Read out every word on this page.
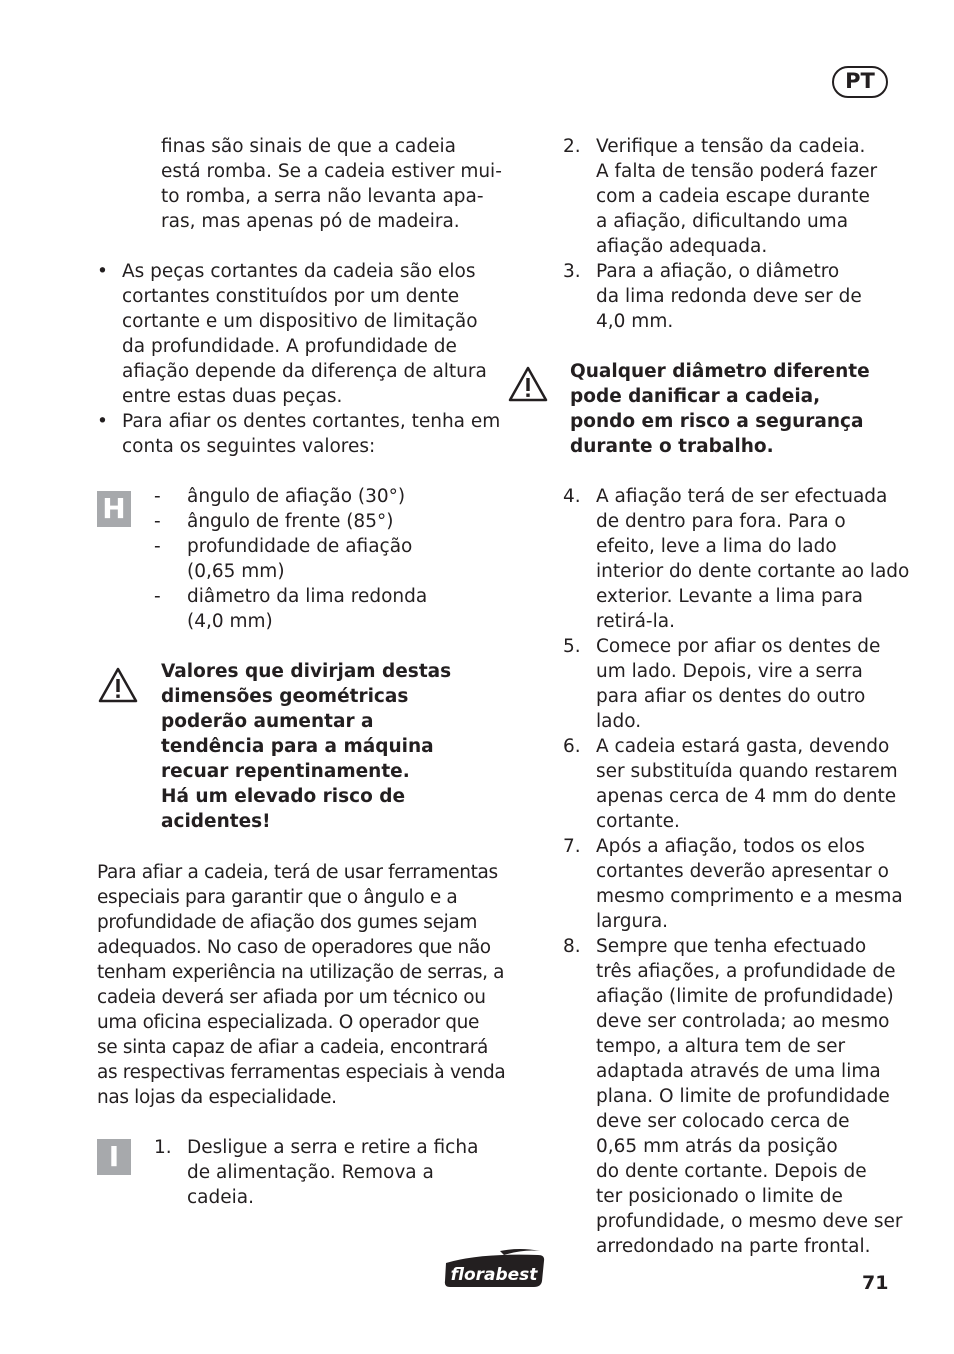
PT

finas são sinais de que a cadeia

está romba. Se a cadeia estiver mui-

to romba, a serra não levanta apa-

ras, mas apenas pó de madeira.

• As peças cortantes da cadeia são elos

cortantes constituídos por um dente

cortante e um dispositivo de limitação

da profundidade. A profundidade de

afiação depende da diferença de altura

entre estas duas peças.

• Para afiar os dentes cortantes, tenha em

conta os seguintes valores:

H -	ângulo de afiação (30°)

-	ângulo de frente (85°)

-	profundidade de afiação

(0,65 mm)

-	diâmetro da lima redonda

(4,0 mm)

Valores que divirjam destas

dimensões geométricas

poderão aumentar a

tendência para a máquina

recuar repentinamente.

Há um elevado risco de

acidentes!

Para afiar a cadeia, terá de usar ferramentas

especiais para garantir que o ângulo e a

profundidade de afiação dos gumes sejam

adequados. No caso de operadores que não

tenham experiência na utilização de serras, a

cadeia deverá ser afiada por um técnico ou

uma oficina especializada. O operador que

se sinta capaz de afiar a cadeia, encontrará

as respectivas ferramentas especiais à venda

nas lojas da especialidade.

I	1. Desligue a serra e retire a ficha

de alimentação. Remova a

cadeia.

2. Verifique a tensão da cadeia.

A falta de tensão poderá fazer

com a cadeia escape durante

a afiação, dificultando uma

afiação adequada.

3. Para a afiação, o diâmetro

da lima redonda deve ser de

4,0 mm.

Qualquer diâmetro diferente

pode danificar a cadeia,

pondo em risco a segurança

durante o trabalho.

4. A afiação terá de ser efectuada

de dentro para fora. Para o

efeito, leve a lima do lado

interior do dente cortante ao lado

exterior. Levante a lima para

retirá-la.

5. Comece por afiar os dentes de

um lado. Depois, vire a serra

para afiar os dentes do outro

lado.

6. A cadeia estará gasta, devendo

ser substituída quando restarem

apenas cerca de 4 mm do dente

cortante.

7. Após a afiação, todos os elos

cortantes deverão apresentar o

mesmo comprimento e a mesma

largura.

8. Sempre que tenha efectuado

três afiações, a profundidade de

afiação (limite de profundidade)

deve ser controlada; ao mesmo

tempo, a altura tem de ser

adaptada através de uma lima

plana. O limite de profundidade

deve ser colocado cerca de

0,65 mm atrás da posição

do dente cortante. Depois de

ter posicionado o limite de

profundidade, o mesmo deve ser

arredondado na parte frontal.

florabest	71
